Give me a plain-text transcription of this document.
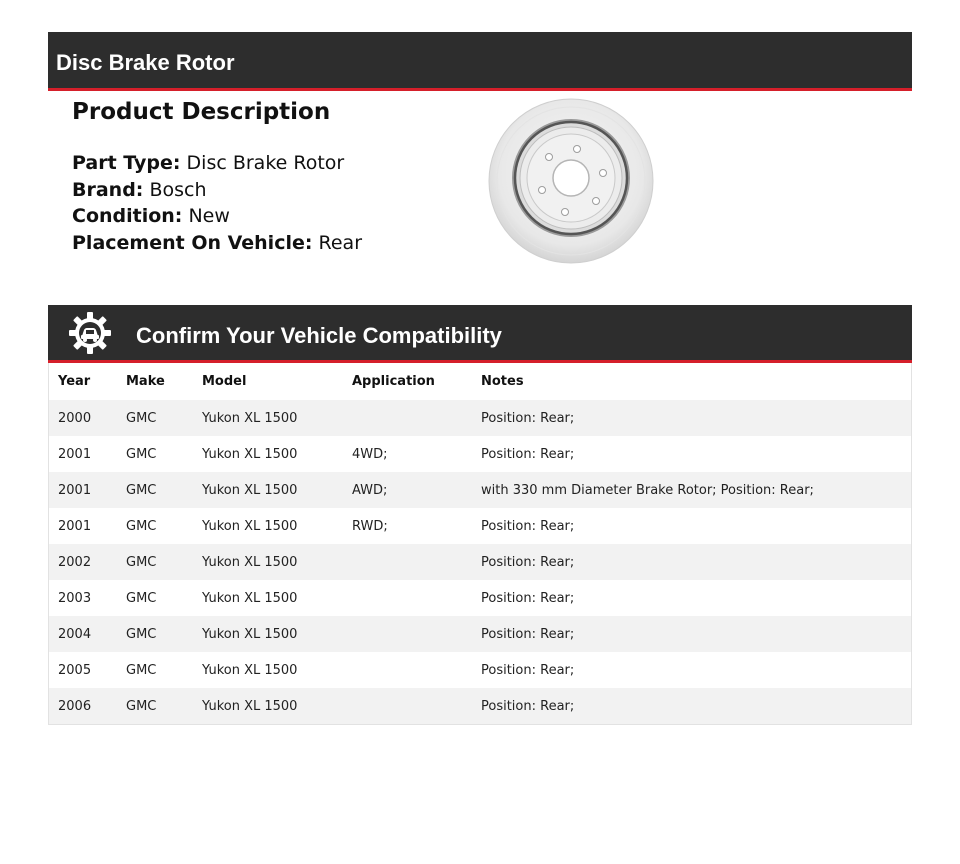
Disc Brake Rotor
Product Description
Part Type: Disc Brake Rotor
Brand: Bosch
Condition: New
Placement On Vehicle: Rear
Confirm Your Vehicle Compatibility
Year	Make	Model	Application	Notes
2000	GMC	Yukon XL 1500		Position: Rear;
2001	GMC	Yukon XL 1500	4WD;	Position: Rear;
2001	GMC	Yukon XL 1500	AWD;	with 330 mm Diameter Brake Rotor; Position: Rear;
2001	GMC	Yukon XL 1500	RWD;	Position: Rear;
2002	GMC	Yukon XL 1500		Position: Rear;
2003	GMC	Yukon XL 1500		Position: Rear;
2004	GMC	Yukon XL 1500		Position: Rear;
2005	GMC	Yukon XL 1500		Position: Rear;
2006	GMC	Yukon XL 1500		Position: Rear;
